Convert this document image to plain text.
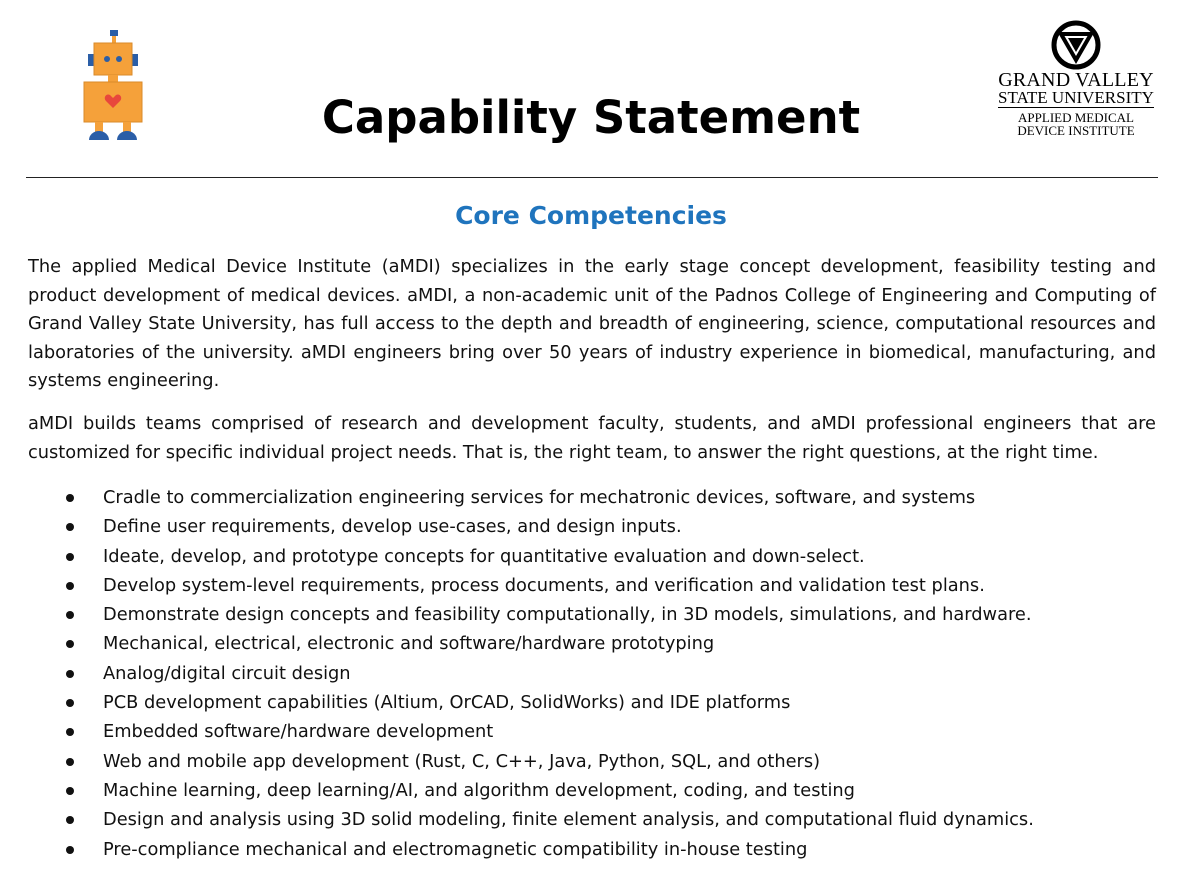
Capability Statement
GRAND VALLEY
STATE UNIVERSITY
APPLIED MEDICAL
DEVICE INSTITUTE
Core Competencies

The applied Medical Device Institute (aMDI) specializes in the early stage concept development, feasibility testing and product development of medical devices. aMDI, a non-academic unit of the Padnos College of Engineering and Computing of Grand Valley State University, has full access to the depth and breadth of engineering, science, computational resources and laboratories of the university. aMDI engineers bring over 50 years of industry experience in biomedical, manufacturing, and systems engineering.

aMDI builds teams comprised of research and development faculty, students, and aMDI professional engineers that are customized for specific individual project needs. That is, the right team, to answer the right questions, at the right time.

Cradle to commercialization engineering services for mechatronic devices, software, and systems
Define user requirements, develop use-cases, and design inputs.
Ideate, develop, and prototype concepts for quantitative evaluation and down-select.
Develop system-level requirements, process documents, and verification and validation test plans.
Demonstrate design concepts and feasibility computationally, in 3D models, simulations, and hardware.
Mechanical, electrical, electronic and software/hardware prototyping
Analog/digital circuit design
PCB development capabilities (Altium, OrCAD, SolidWorks) and IDE platforms
Embedded software/hardware development
Web and mobile app development (Rust, C, C++, Java, Python, SQL, and others)
Machine learning, deep learning/AI, and algorithm development, coding, and testing
Design and analysis using 3D solid modeling, finite element analysis, and computational fluid dynamics.
Pre-compliance mechanical and electromagnetic compatibility in-house testing
